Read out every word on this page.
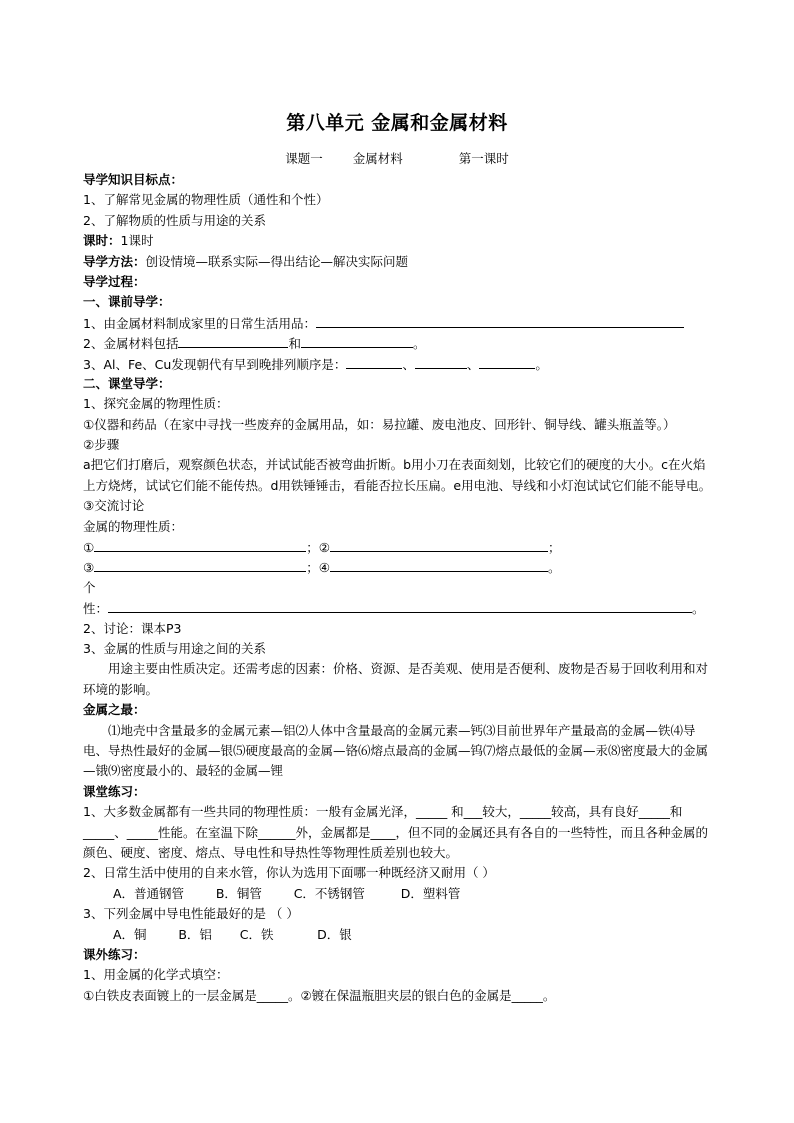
第八单元 金属和金属材料
课题一 金属材料	第一课时
导学知识目标点：
1、了解常见金属的物理性质（通性和个性）
2、了解物质的性质与用途的关系
课时：1课时
导学方法：创设情境—联系实际—得出结论—解决实际问题
导学过程：
一、课前导学：
1、由金属材料制成家里的日常生活用品：
2、金属材料包括	和	。
3、Al、Fe、Cu发现朝代有早到晚排列顺序是：	、	、	。
二、课堂导学：
1、探究金属的物理性质：
①仪器和药品（在家中寻找一些废弃的金属用品，如：易拉罐、废电池皮、回形针、铜导线、罐头瓶盖等。）
②步骤
a把它们打磨后，观察颜色状态，并试试能否被弯曲折断。b用小刀在表面刻划，比较它们的硬度的大小。c在火焰上方烧烤，试试它们能不能传热。d用铁锤锤击，看能否拉长压扁。e用电池、导线和小灯泡试试它们能不能导电。
③交流讨论
金属的物理性质：
①	；②	；
③	；④	。
个
性：	。
2、讨论：课本P3
3、金属的性质与用途之间的关系
用途主要由性质决定。还需考虑的因素：价格、资源、是否美观、使用是否便利、废物是否易于回收利用和对环境的影响。
金属之最：
⑴地壳中含量最多的金属元素—铝⑵人体中含量最高的金属元素—钙⑶目前世界年产量最高的金属—铁⑷导电、导热性最好的金属—银⑸硬度最高的金属—铬⑹熔点最高的金属—钨⑺熔点最低的金属—汞⑻密度最大的金属—锇⑼密度最小的、最轻的金属—锂
课堂练习：
1、大多数金属都有一些共同的物理性质：一般有金属光泽，_____ 和___较大，_____较高，具有良好_____和_____、_____性能。在室温下除______外，金属都是____，但不同的金属还具有各自的一些特性，而且各种金属的颜色、硬度、密度、熔点、导电性和导热性等物理性质差别也较大。
2、日常生活中使用的自来水管，你认为选用下面哪一种既经济又耐用（ ）
A．普通钢管        B．铜管        C．不锈钢管         D．塑料管
3、下列金属中导电性能最好的是 （ ）
A．铜        B．铝       C．铁           D．银
课外练习：
1、用金属的化学式填空：
①白铁皮表面镀上的一层金属是_____。②镀在保温瓶胆夹层的银白色的金属是_____。
